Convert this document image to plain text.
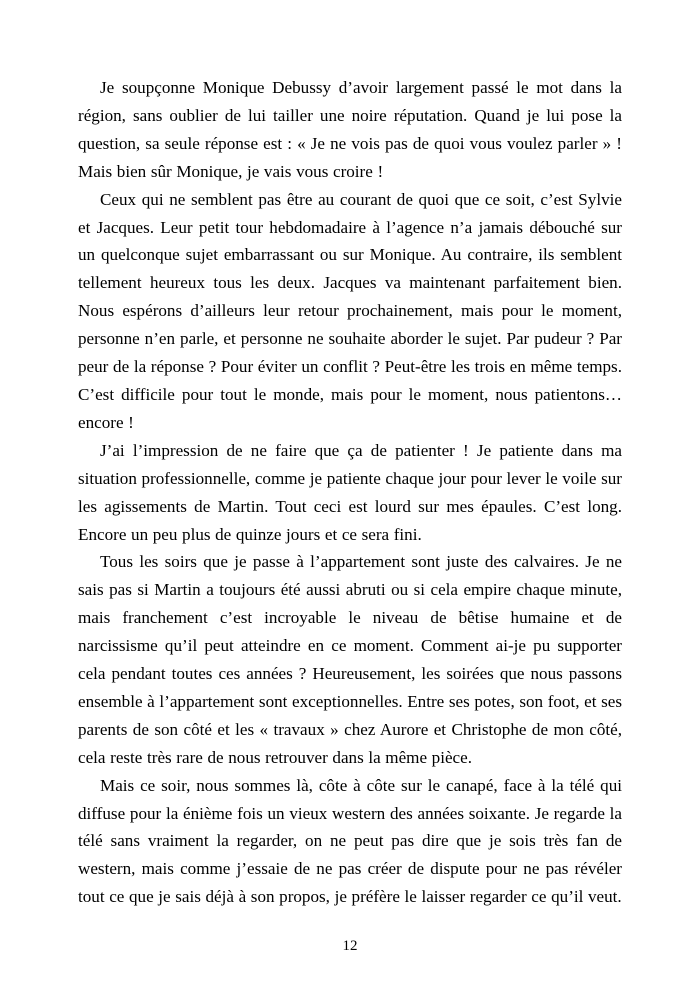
Je soupçonne Monique Debussy d’avoir largement passé le mot dans la région, sans oublier de lui tailler une noire réputation. Quand je lui pose la question, sa seule réponse est : « Je ne vois pas de quoi vous voulez parler » ! Mais bien sûr Monique, je vais vous croire !

Ceux qui ne semblent pas être au courant de quoi que ce soit, c’est Sylvie et Jacques. Leur petit tour hebdomadaire à l’agence n’a jamais débouché sur un quelconque sujet embarrassant ou sur Monique. Au contraire, ils semblent tellement heureux tous les deux. Jacques va maintenant parfaitement bien. Nous espérons d’ailleurs leur retour prochainement, mais pour le moment, personne n’en parle, et personne ne souhaite aborder le sujet. Par pudeur ? Par peur de la réponse ? Pour éviter un conflit ? Peut-être les trois en même temps. C’est difficile pour tout le monde, mais pour le moment, nous patientons… encore !

J’ai l’impression de ne faire que ça de patienter ! Je patiente dans ma situation professionnelle, comme je patiente chaque jour pour lever le voile sur les agissements de Martin. Tout ceci est lourd sur mes épaules. C’est long. Encore un peu plus de quinze jours et ce sera fini.

Tous les soirs que je passe à l’appartement sont juste des calvaires. Je ne sais pas si Martin a toujours été aussi abruti ou si cela empire chaque minute, mais franchement c’est incroyable le niveau de bêtise humaine et de narcissisme qu’il peut atteindre en ce moment. Comment ai-je pu supporter cela pendant toutes ces années ? Heureusement, les soirées que nous passons ensemble à l’appartement sont exceptionnelles. Entre ses potes, son foot, et ses parents de son côté et les « travaux » chez Aurore et Christophe de mon côté, cela reste très rare de nous retrouver dans la même pièce.

Mais ce soir, nous sommes là, côte à côte sur le canapé, face à la télé qui diffuse pour la énième fois un vieux western des années soixante. Je regarde la télé sans vraiment la regarder, on ne peut pas dire que je sois très fan de western, mais comme j’essaie de ne pas créer de dispute pour ne pas révéler tout ce que je sais déjà à son propos, je préfère le laisser regarder ce qu’il veut.

12
